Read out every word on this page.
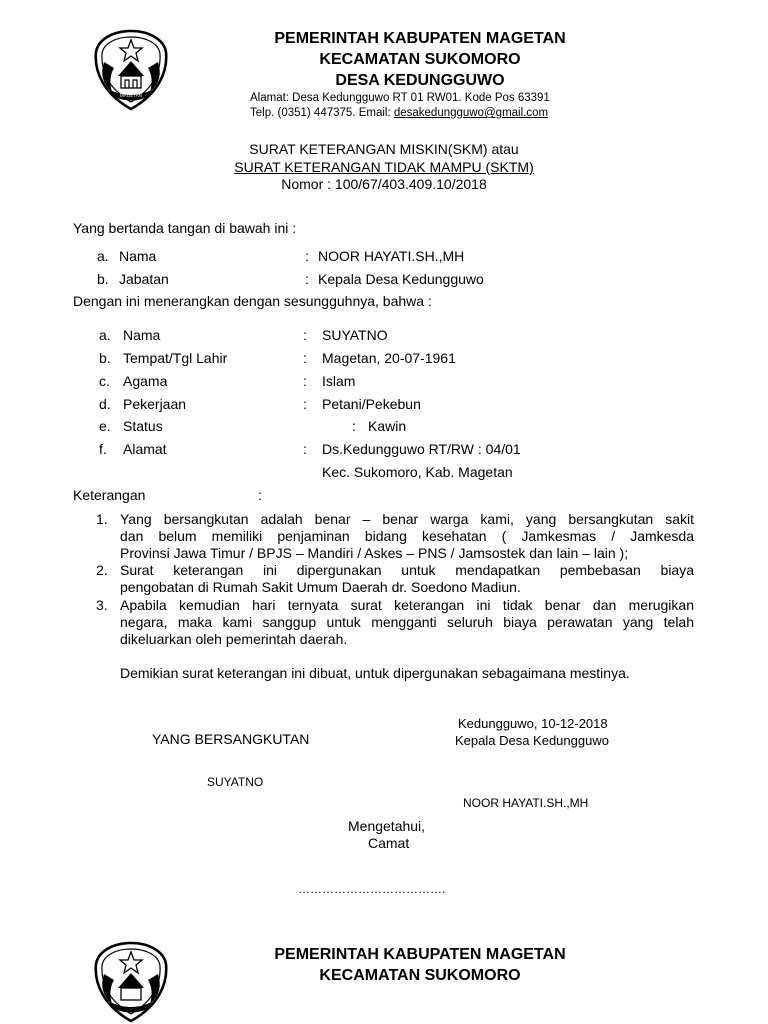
MAGETAN
PEMERINTAH KABUPATEN MAGETAN
KECAMATAN SUKOMORO
DESA KEDUNGGUWO
Alamat: Desa Kedungguwo RT 01 RW01. Kode Pos 63391
Telp. (0351) 447375. Email: desakedungguwo@gmail.com
SURAT KETERANGAN MISKIN(SKM) atau
SURAT KETERANGAN TIDAK MAMPU (SKTM)
Nomor : 100/67/403.409.10/2018
Yang bertanda tangan di bawah ini :
a. Nama	: NOOR HAYATI.SH.,MH
b. Jabatan	: Kepala Desa Kedungguwo
Dengan ini menerangkan dengan sesungguhnya, bahwa :
a. Nama	: SUYATNO
b. Tempat/Tgl Lahir	: Magetan, 20-07-1961
c. Agama	: Islam
d. Pekerjaan	: Petani/Pekebun
e. Status	: Kawin
f. Alamat	: Ds.Kedungguwo RT/RW : 04/01
Kec. Sukomoro, Kab. Magetan
Keterangan	:
1. Yang bersangkutan adalah benar – benar warga kami, yang bersangkutan sakit
dan belum memiliki penjaminan bidang kesehatan ( Jamkesmas / Jamkesda
Provinsi Jawa Timur / BPJS – Mandiri / Askes – PNS / Jamsostek dan lain – lain );
2. Surat keterangan ini dipergunakan untuk mendapatkan pembebasan biaya
pengobatan di Rumah Sakit Umum Daerah dr. Soedono Madiun.
3. Apabila kemudian hari ternyata surat keterangan ini tidak benar dan merugikan
negara, maka kami sanggup untuk mengganti seluruh biaya perawatan yang telah
dikeluarkan oleh pemerintah daerah.
Demikian surat keterangan ini dibuat, untuk dipergunakan sebagaimana mestinya.
Kedungguwo, 10-12-2018
Kepala Desa Kedungguwo
YANG BERSANGKUTAN
SUYATNO
NOOR HAYATI.SH.,MH
Mengetahui,
Camat
……………………………….
PEMERINTAH KABUPATEN MAGETAN
KECAMATAN SUKOMORO
